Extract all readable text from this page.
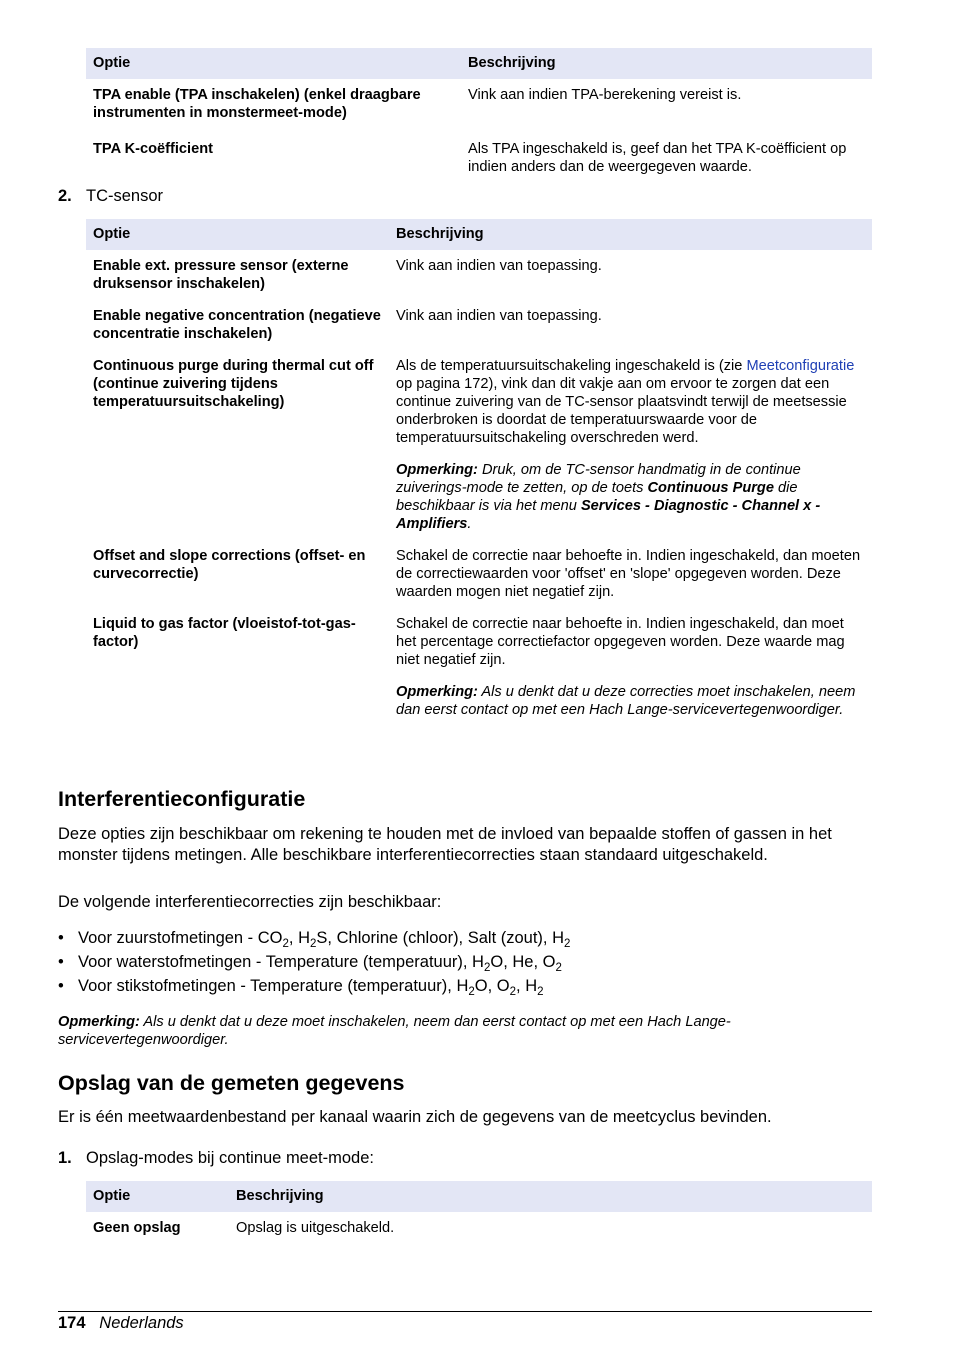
Optie	Beschrijving
TPA enable (TPA inschakelen) (enkel draagbare instrumenten in monstermeet-mode)	Vink aan indien TPA-berekening vereist is.
TPA K-coëfficient	Als TPA ingeschakeld is, geef dan het TPA K-coëfficient op indien anders dan de weergegeven waarde.
2. TC-sensor
Optie	Beschrijving
Enable ext. pressure sensor (externe druksensor inschakelen)	Vink aan indien van toepassing.
Enable negative concentration (negatieve concentratie inschakelen)	Vink aan indien van toepassing.
Continuous purge during thermal cut off (continue zuivering tijdens temperatuursuitschakeling)	Als de temperatuursuitschakeling ingeschakeld is (zie Meetconfiguratie op pagina 172), vink dan dit vakje aan om ervoor te zorgen dat een continue zuivering van de TC-sensor plaatsvindt terwijl de meetsessie onderbroken is doordat de temperatuurswaarde voor de temperatuursuitschakeling overschreden werd.

Opmerking: Druk, om de TC-sensor handmatig in de continue zuiverings-mode te zetten, op de toets Continuous Purge die beschikbaar is via het menu Services - Diagnostic - Channel x - Amplifiers.

Offset and slope corrections (offset- en curvecorrectie)	Schakel de correctie naar behoefte in. Indien ingeschakeld, dan moeten de correctiewaarden voor 'offset' en 'slope' opgegeven worden. Deze waarden mogen niet negatief zijn.
Liquid to gas factor (vloeistof-tot-gas-factor)	Schakel de correctie naar behoefte in. Indien ingeschakeld, dan moet het percentage correctiefactor opgegeven worden. Deze waarde mag niet negatief zijn.

Opmerking: Als u denkt dat u deze correcties moet inschakelen, neem dan eerst contact op met een Hach Lange-servicevertegenwoordiger.

Interferentieconfiguratie

Deze opties zijn beschikbaar om rekening te houden met de invloed van bepaalde stoffen of gassen in het monster tijdens metingen. Alle beschikbare interferentiecorrecties staan standaard uitgeschakeld.

De volgende interferentiecorrecties zijn beschikbaar:

• Voor zuurstofmetingen - $CO_2$, $H_2S$, Chlorine (chloor), Salt (zout), $H_2$
• Voor waterstofmetingen - Temperature (temperatuur), $H_2O$, He, $O_2$
• Voor stikstofmetingen - Temperature (temperatuur), $H_2O$, $O_2$, $H_2$

Opmerking: Als u denkt dat u deze moet inschakelen, neem dan eerst contact op met een Hach Lange-servicevertegenwoordiger.

Opslag van de gemeten gegevens

Er is één meetwaardenbestand per kanaal waarin zich de gegevens van de meetcyclus bevinden.

1. Opslag-modes bij continue meet-mode:
Optie	Beschrijving
Geen opslag	Opslag is uitgeschakeld.
174 Nederlands
